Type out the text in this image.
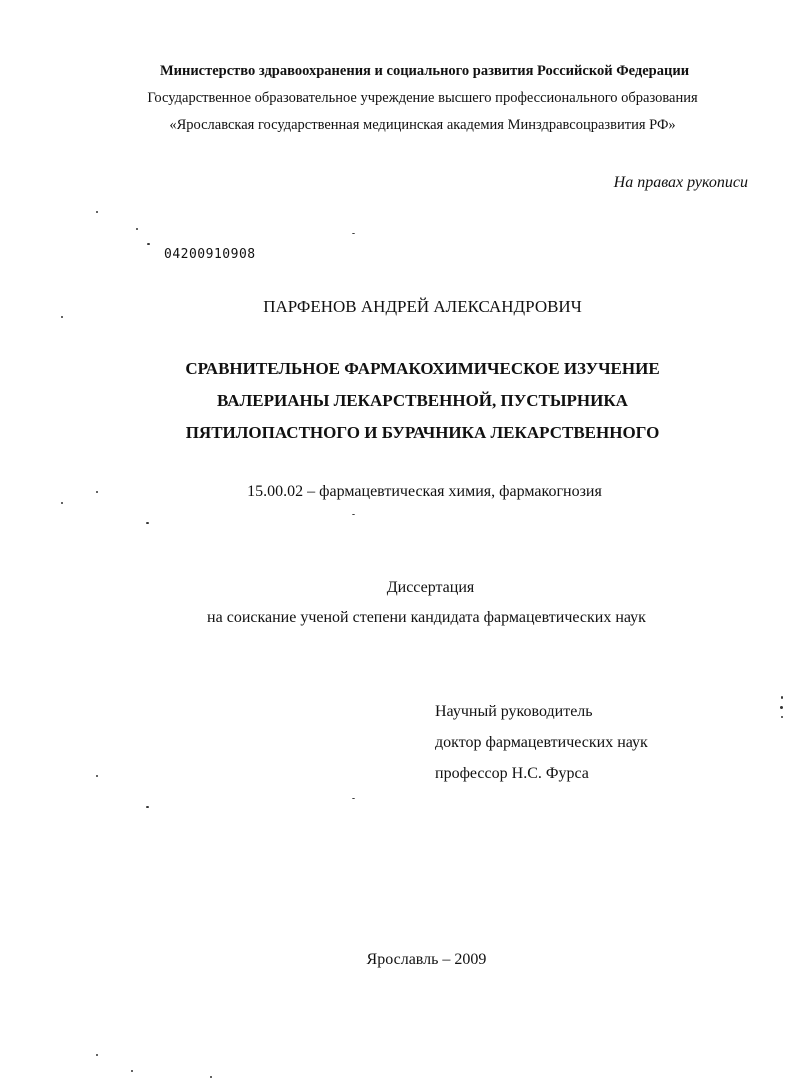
Министерство здравоохранения и социального развития Российской Федерации
Государственное образовательное учреждение высшего профессионального образования
«Ярославская государственная медицинская академия Минздравсоцразвития РФ»
На правах рукописи
04200910908
ПАРФЕНОВ АНДРЕЙ АЛЕКСАНДРОВИЧ
СРАВНИТЕЛЬНОЕ ФАРМАКОХИМИЧЕСКОЕ ИЗУЧЕНИЕ
ВАЛЕРИАНЫ ЛЕКАРСТВЕННОЙ, ПУСТЫРНИКА
ПЯТИЛОПАСТНОГО И БУРАЧНИКА ЛЕКАРСТВЕННОГО
15.00.02 – фармацевтическая химия, фармакогнозия
Диссертация
на соискание ученой степени кандидата фармацевтических наук
Научный руководитель
доктор фармацевтических наук
профессор Н.С. Фурса
Ярославль – 2009
